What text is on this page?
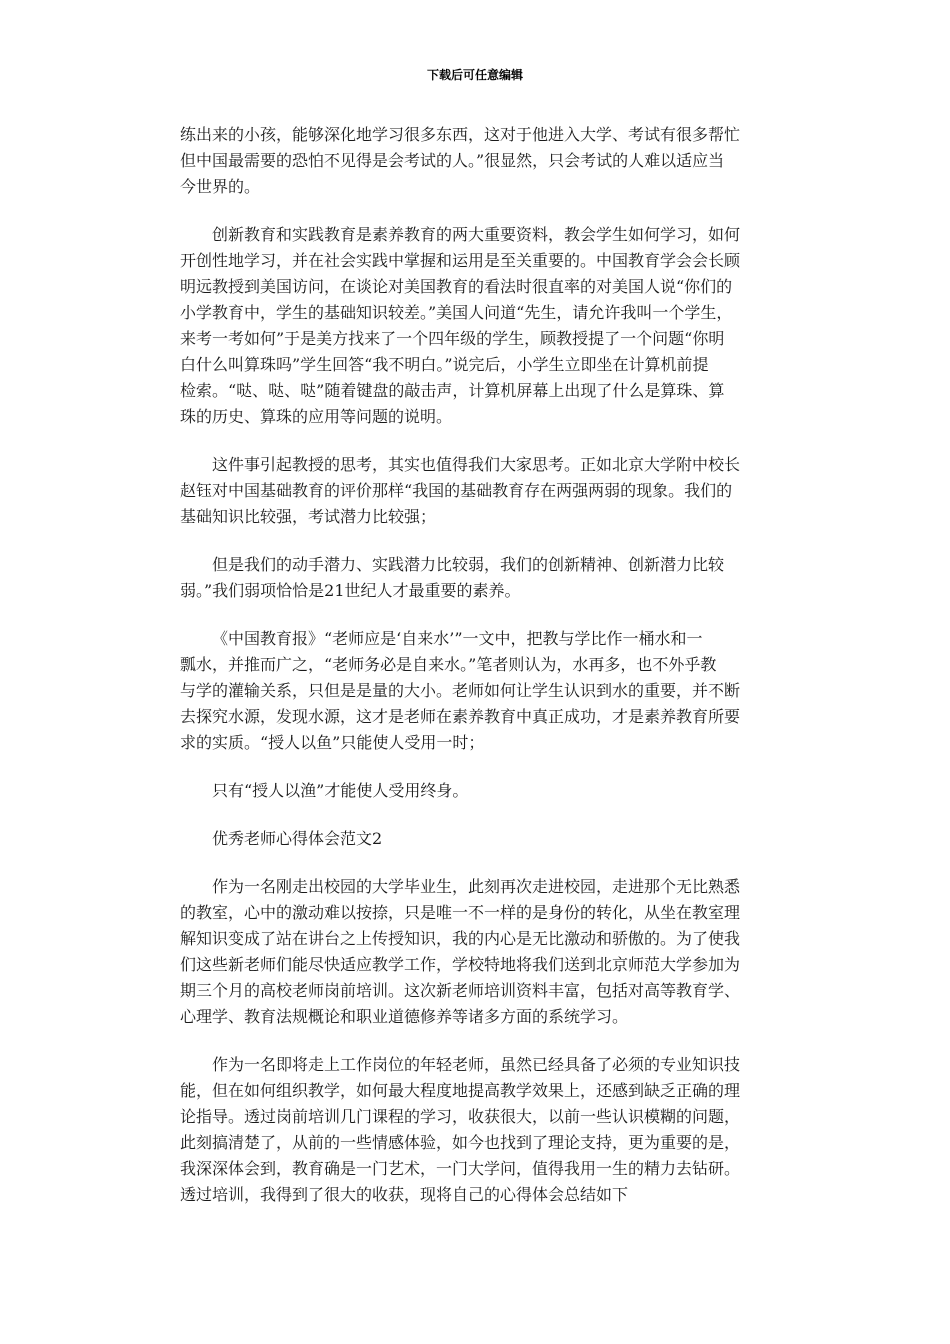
下载后可任意编辑
练出来的小孩，能够深化地学习很多东西，这对于他进入大学、考试有很多帮忙
但中国最需要的恐怕不见得是会考试的人。”很显然，只会考试的人难以适应当
今世界的。
创新教育和实践教育是素养教育的两大重要资料，教会学生如何学习，如何
开创性地学习，并在社会实践中掌握和运用是至关重要的。中国教育学会会长顾
明远教授到美国访问，在谈论对美国教育的看法时很直率的对美国人说“你们的
小学教育中，学生的基础知识较差。”美国人问道“先生，请允许我叫一个学生，
来考一考如何”于是美方找来了一个四年级的学生，顾教授提了一个问题“你明
白什么叫算珠吗”学生回答“我不明白。”说完后，小学生立即坐在计算机前提
检索。“哒、哒、哒”随着键盘的敲击声，计算机屏幕上出现了什么是算珠、算
珠的历史、算珠的应用等问题的说明。
这件事引起教授的思考，其实也值得我们大家思考。正如北京大学附中校长
赵钰对中国基础教育的评价那样“我国的基础教育存在两强两弱的现象。我们的
基础知识比较强，考试潜力比较强；
但是我们的动手潜力、实践潜力比较弱，我们的创新精神、创新潜力比较
弱。”我们弱项恰恰是21世纪人才最重要的素养。
《中国教育报》“老师应是‘自来水’”一文中，把教与学比作一桶水和一
瓢水，并推而广之，“老师务必是自来水。”笔者则认为，水再多，也不外乎教
与学的灌输关系，只但是是量的大小。老师如何让学生认识到水的重要，并不断
去探究水源，发现水源，这才是老师在素养教育中真正成功，才是素养教育所要
求的实质。“授人以鱼”只能使人受用一时；
只有“授人以渔”才能使人受用终身。
优秀老师心得体会范文2
作为一名刚走出校园的大学毕业生，此刻再次走进校园，走进那个无比熟悉
的教室，心中的激动难以按捺，只是唯一不一样的是身份的转化，从坐在教室理
解知识变成了站在讲台之上传授知识，我的内心是无比激动和骄傲的。为了使我
们这些新老师们能尽快适应教学工作，学校特地将我们送到北京师范大学参加为
期三个月的高校老师岗前培训。这次新老师培训资料丰富，包括对高等教育学、
心理学、教育法规概论和职业道德修养等诸多方面的系统学习。
作为一名即将走上工作岗位的年轻老师，虽然已经具备了必须的专业知识技
能，但在如何组织教学，如何最大程度地提高教学效果上，还感到缺乏正确的理
论指导。透过岗前培训几门课程的学习，收获很大，以前一些认识模糊的问题，
此刻搞清楚了，从前的一些情感体验，如今也找到了理论支持，更为重要的是，
我深深体会到，教育确是一门艺术，一门大学问，值得我用一生的精力去钻研。
透过培训，我得到了很大的收获，现将自己的心得体会总结如下
